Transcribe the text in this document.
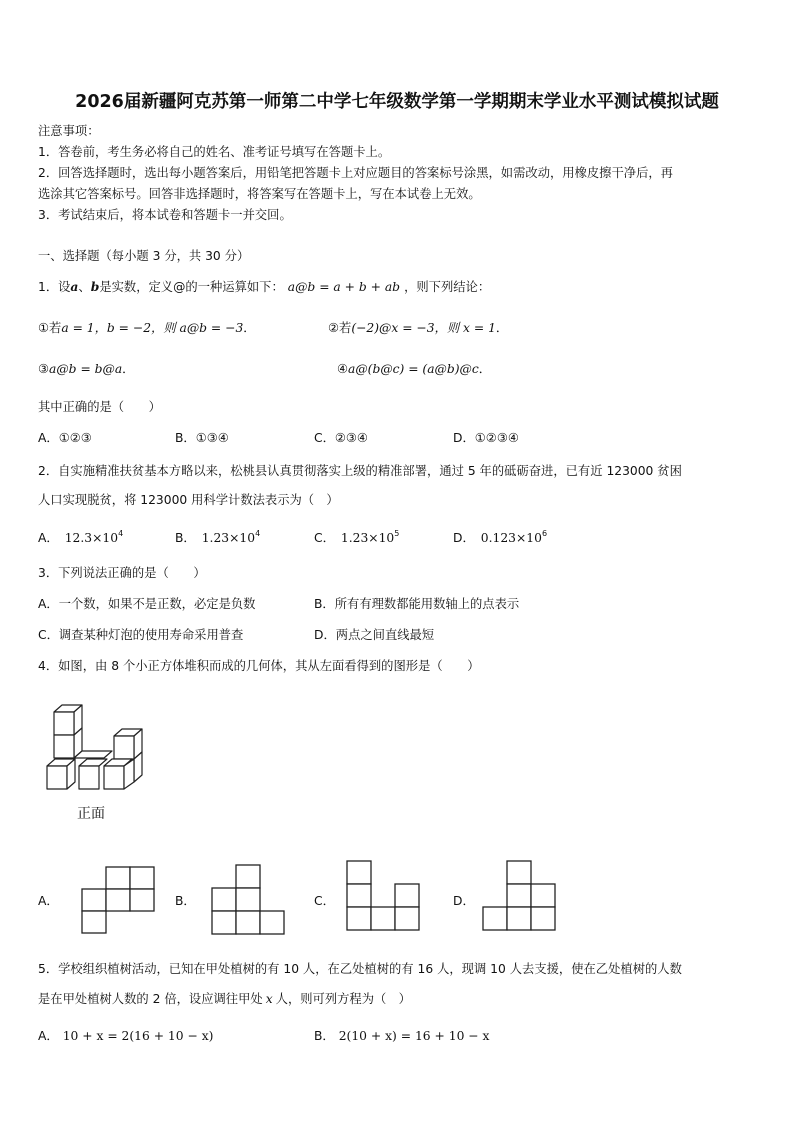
2026届新疆阿克苏第一师第二中学七年级数学第一学期期末学业水平测试模拟试题
注意事项：
1．答卷前，考生务必将自己的姓名、准考证号填写在答题卡上。
2．回答选择题时，选出每小题答案后，用铅笔把答题卡上对应题目的答案标号涂黑，如需改动，用橡皮擦干净后，再
选涂其它答案标号。回答非选择题时，将答案写在答题卡上，写在本试卷上无效。
3．考试结束后，将本试卷和答题卡一并交回。
一、选择题（每小题 3 分，共 30 分）
1．设a、b是实数，定义@的一种运算如下： a@b = a + b + ab ，则下列结论：
①若a = 1，b = −2，则 a@b = −3．	②若(−2)@x = −3，则 x = 1．
③a@b = b@a．	④a@(b@c) = (a@b)@c．
其中正确的是（　　）
A．①②③	B．①③④	C．②③④	D．①②③④
2．自实施精准扶贫基本方略以来，松桃县认真贯彻落实上级的精准部署，通过 5 年的砥砺奋进，已有近 123000 贫困
人口实现脱贫，将 123000 用科学计数法表示为（　）
A． $12.3\times 10^4$	B． $1.23\times 10^4$	C． $1.23\times 10^5$	D． $0.123\times 10^6$
3．下列说法正确的是（　　）
A．一个数，如果不是正数，必定是负数	B．所有有理数都能用数轴上的点表示
C．调查某种灯泡的使用寿命采用普查	D．两点之间直线最短
4．如图，由 8 个小正方体堆积而成的几何体，其从左面看得到的图形是（　　）
正面
A．	B．	C．	D．
5．学校组织植树活动，已知在甲处植树的有 10 人，在乙处植树的有 16 人，现调 10 人去支援，使在乙处植树的人数
是在甲处植树人数的 2 倍，设应调往甲处 x 人，则可列方程为（　）
A． 10 + x = 2(16 + 10 − x)	B． 2(10 + x) = 16 + 10 − x
